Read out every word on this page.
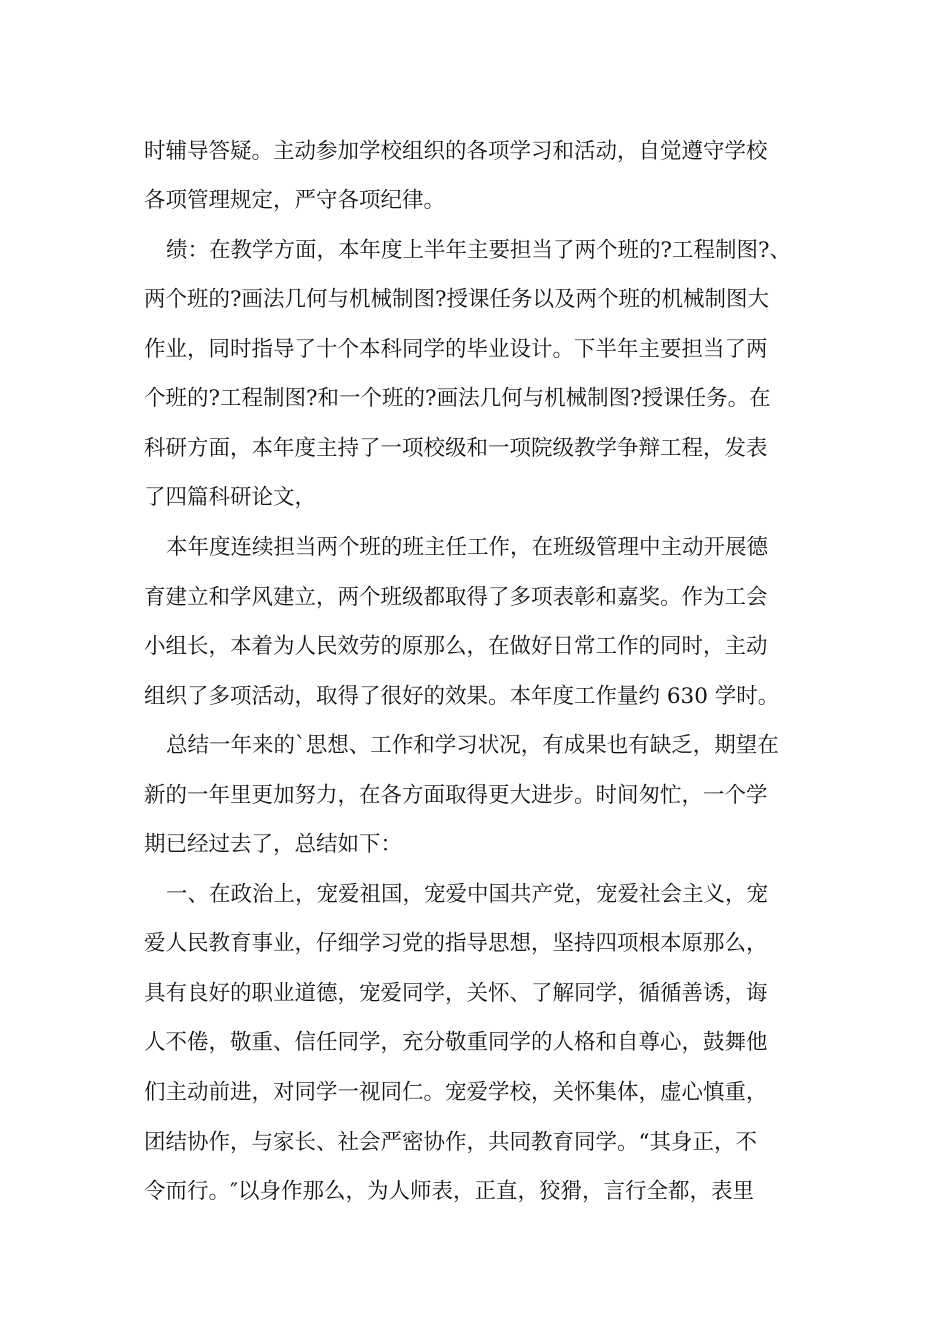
时辅导答疑。主动参加学校组织的各项学习和活动，自觉遵守学校
各项管理规定，严守各项纪律。
绩：在教学方面，本年度上半年主要担当了两个班的?工程制图?、
两个班的?画法几何与机械制图?授课任务以及两个班的机械制图大
作业，同时指导了十个本科同学的毕业设计。下半年主要担当了两
个班的?工程制图?和一个班的?画法几何与机械制图?授课任务。在
科研方面，本年度主持了一项校级和一项院级教学争辩工程，发表
了四篇科研论文，
本年度连续担当两个班的班主任工作，在班级管理中主动开展德
育建立和学风建立，两个班级都取得了多项表彰和嘉奖。作为工会
小组长，本着为人民效劳的原那么，在做好日常工作的同时，主动
组织了多项活动，取得了很好的效果。本年度工作量约 630 学时。
总结一年来的`思想、工作和学习状况，有成果也有缺乏，期望在
新的一年里更加努力，在各方面取得更大进步。时间匆忙，一个学
期已经过去了，总结如下：
一、在政治上，宠爱祖国，宠爱中国共产党，宠爱社会主义，宠
爱人民教育事业，仔细学习党的指导思想，坚持四项根本原那么，
具有良好的职业道德，宠爱同学，关怀、了解同学，循循善诱，诲
人不倦，敬重、信任同学，充分敬重同学的人格和自尊心，鼓舞他
们主动前进，对同学一视同仁。宠爱学校，关怀集体，虚心慎重，
团结协作，与家长、社会严密协作，共同教育同学。“其身正，不
令而行。″以身作那么，为人师表，正直，狡猾，言行全都，表里
